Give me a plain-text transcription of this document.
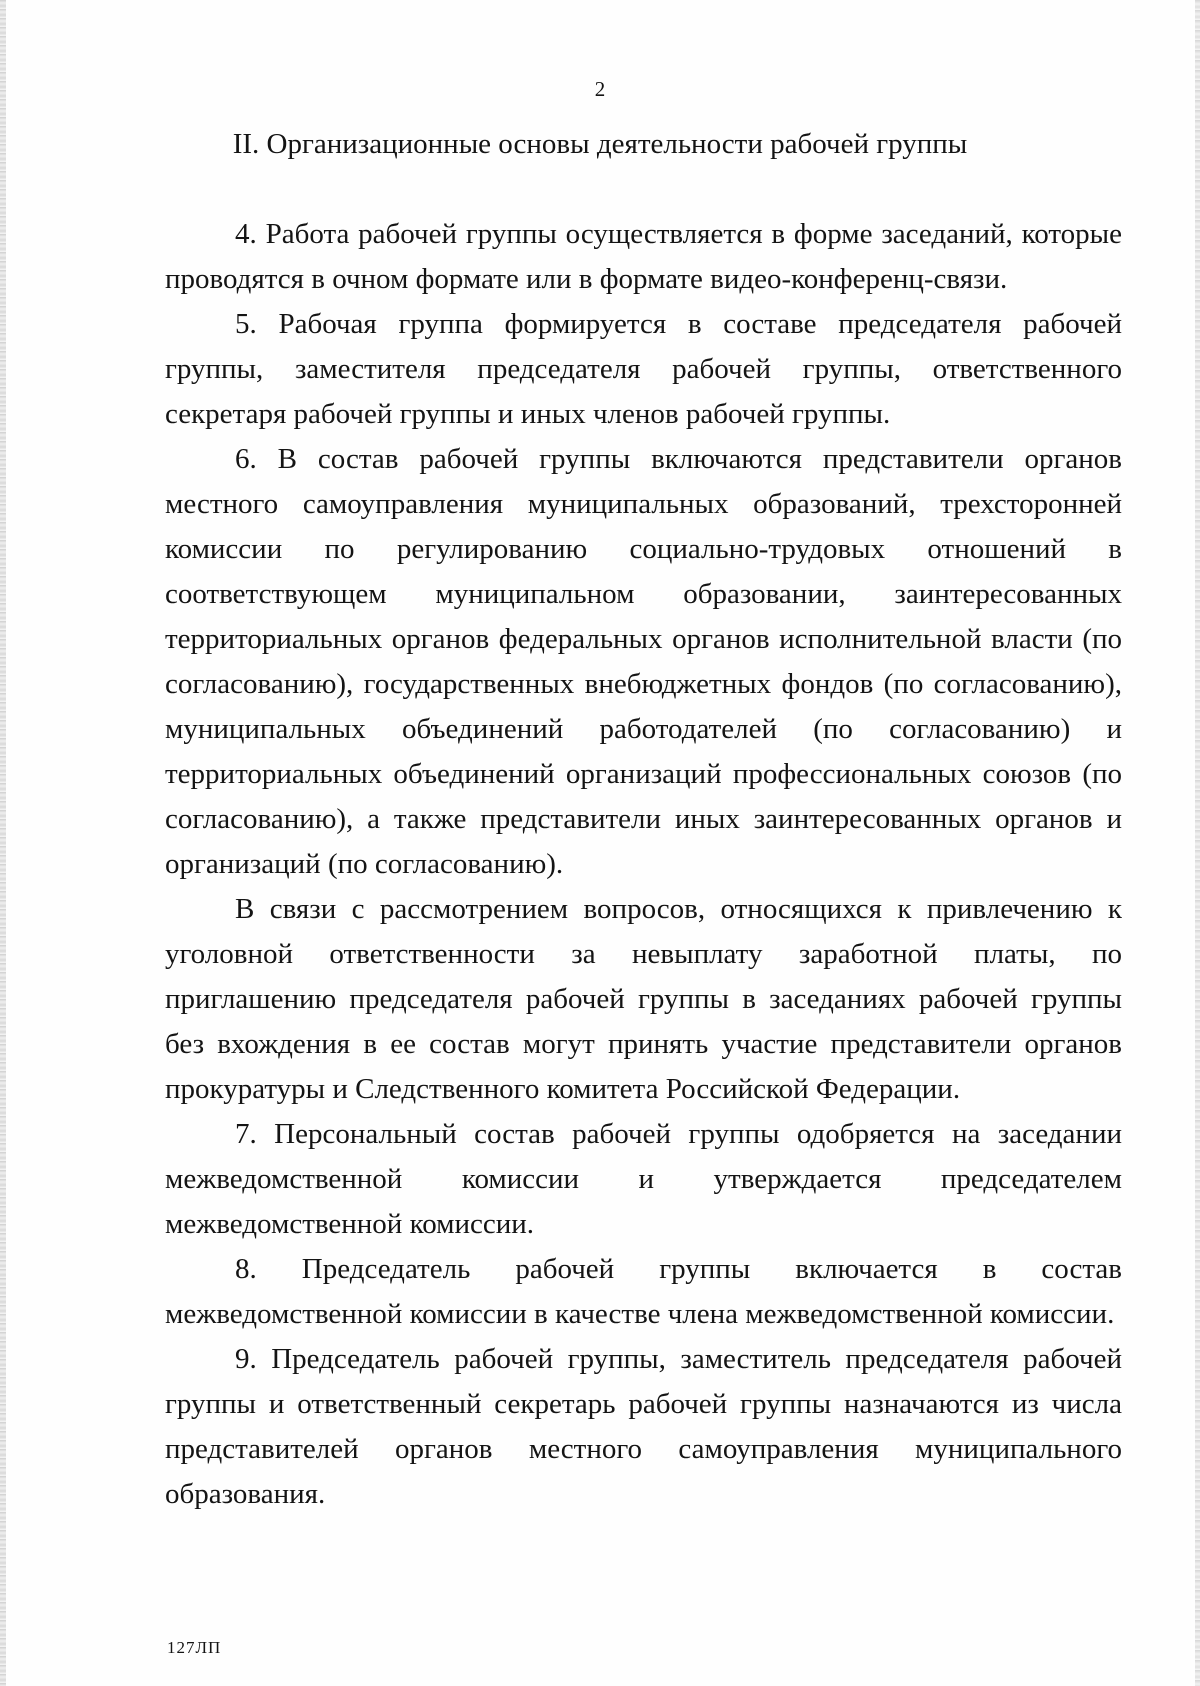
2
II. Организационные основы деятельности рабочей группы

4. Работа рабочей группы осуществляется в форме заседаний, которые проводятся в очном формате или в формате видео-конференц-связи.

5. Рабочая группа формируется в составе председателя рабочей группы, заместителя председателя рабочей группы, ответственного секретаря рабочей группы и иных членов рабочей группы.

6. В состав рабочей группы включаются представители органов местного самоуправления муниципальных образований, трехсторонней комиссии по регулированию социально-трудовых отношений в соответствующем муниципальном образовании, заинтересованных территориальных органов федеральных органов исполнительной власти (по согласованию), государственных внебюджетных фондов (по согласованию), муниципальных объединений работодателей (по согласованию) и территориальных объединений организаций профессиональных союзов (по согласованию), а также представители иных заинтересованных органов и организаций (по согласованию).

В связи с рассмотрением вопросов, относящихся к привлечению к уголовной ответственности за невыплату заработной платы, по приглашению председателя рабочей группы в заседаниях рабочей группы без вхождения в ее состав могут принять участие представители органов прокуратуры и Следственного комитета Российской Федерации.

7. Персональный состав рабочей группы одобряется на заседании межведомственной комиссии и утверждается председателем межведомственной комиссии.

8. Председатель рабочей группы включается в состав межведомственной комиссии в качестве члена межведомственной комиссии.

9. Председатель рабочей группы, заместитель председателя рабочей группы и ответственный секретарь рабочей группы назначаются из числа представителей органов местного самоуправления муниципального образования.

127ЛП
